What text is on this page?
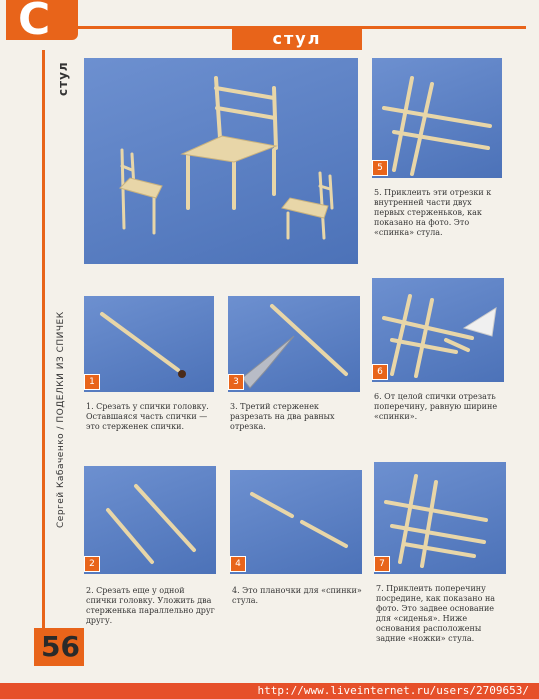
С	стул
стул
Сергей Кабаченко / ПОДЕЛКИ ИЗ СПИЧЕК
56
5
5. Приклеить эти отрезки к внутренней части двух первых стерженьков, как показано на фото. Это «спинка» стула.
1
1. Срезать у спички головку. Оставшаяся часть спички — это стерженек спички.
3
3. Третий стерженек разрезать на два равных отрезка.
6
6. От целой спички отрезать поперечину, равную ширине «спинки».
2
2. Срезать еще у одной спички головку. Уложить два стерженька параллельно друг другу.
4
4. Это планочки для «спинки» стула.
7
7. Приклеить поперечину посредине, как показано на фото. Это задвее основание для «сиденья». Ниже основания расположены задние «ножки» стула.
http://www.liveinternet.ru/users/2709653/
